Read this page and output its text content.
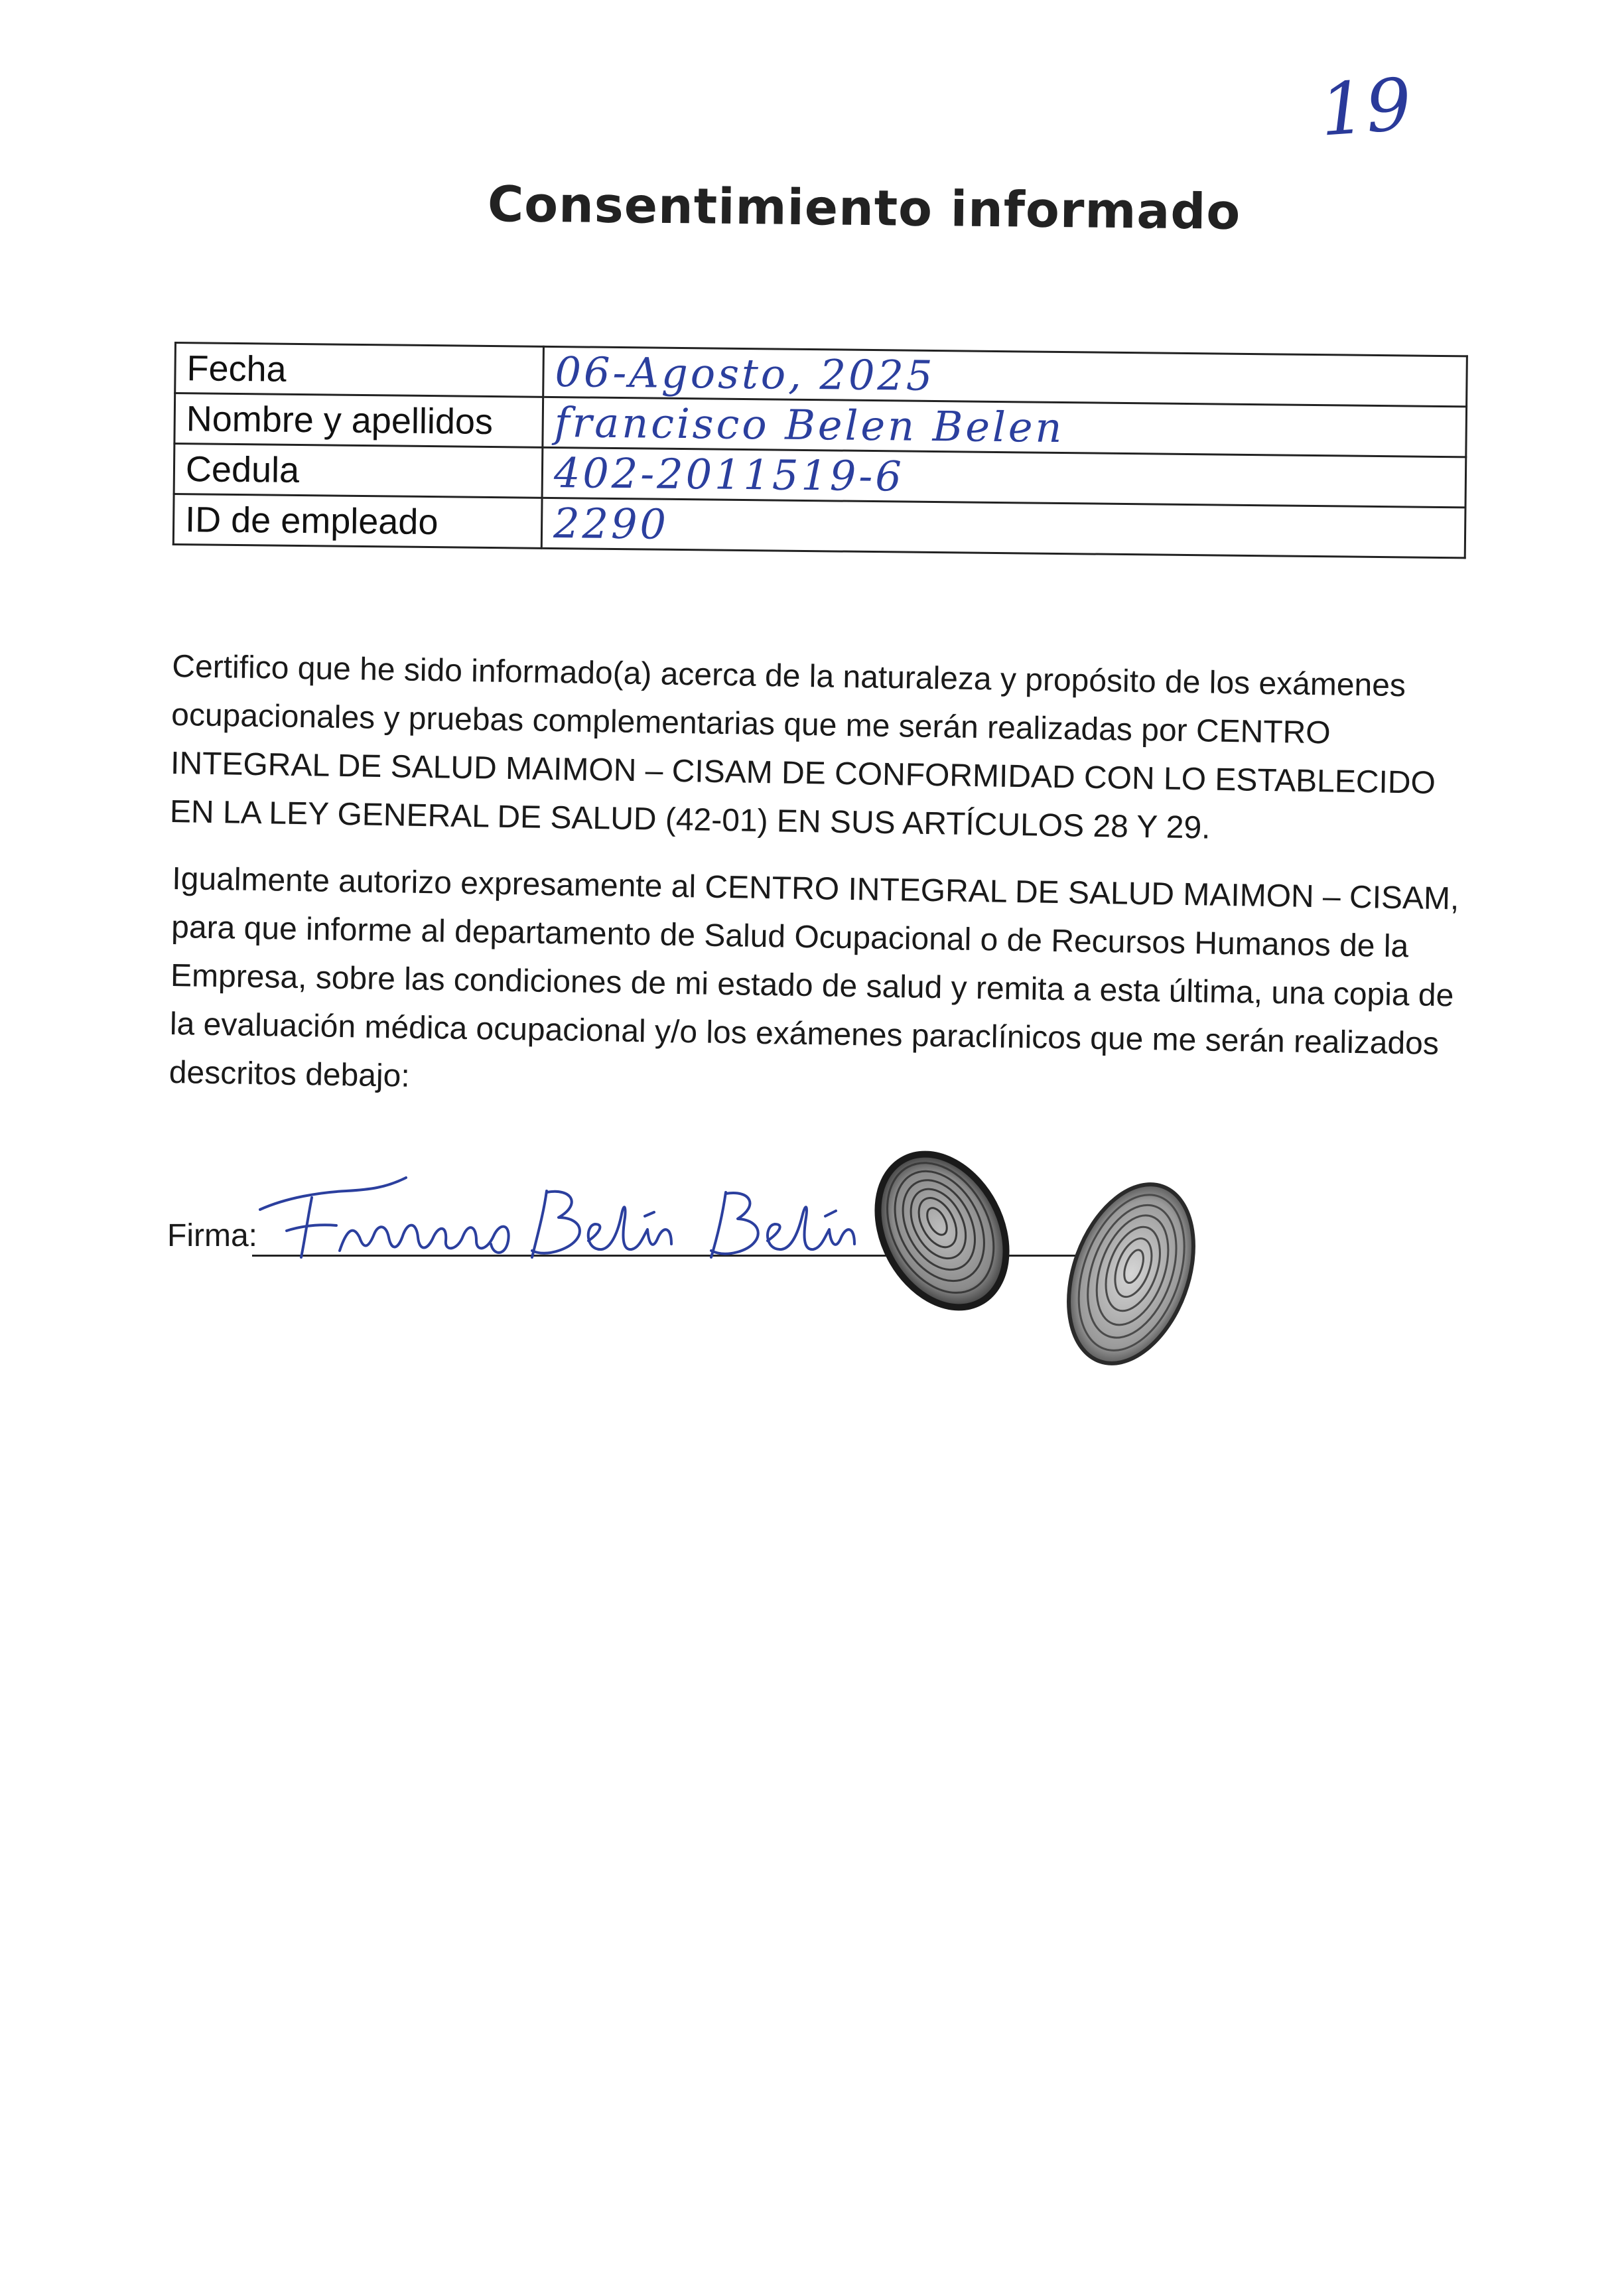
19
Consentimiento informado
Fecha	06-Agosto, 2025
Nombre y apellidos	francisco Belen Belen
Cedula	402-2011519-6
ID de empleado	2290

Certifico que he sido informado(a) acerca de la naturaleza y propósito de los exámenes ocupacionales y pruebas complementarias que me serán realizadas por CENTRO INTEGRAL DE SALUD MAIMON – CISAM DE CONFORMIDAD CON LO ESTABLECIDO EN LA LEY GENERAL DE SALUD (42-01) EN SUS ARTÍCULOS 28 Y 29.

Igualmente autorizo expresamente al CENTRO INTEGRAL DE SALUD MAIMON – CISAM, para que informe al departamento de Salud Ocupacional o de Recursos Humanos de la Empresa, sobre las condiciones de mi estado de salud y remita a esta última, una copia de la evaluación médica ocupacional y/o los exámenes paraclínicos que me serán realizados descritos debajo:

Firma:
